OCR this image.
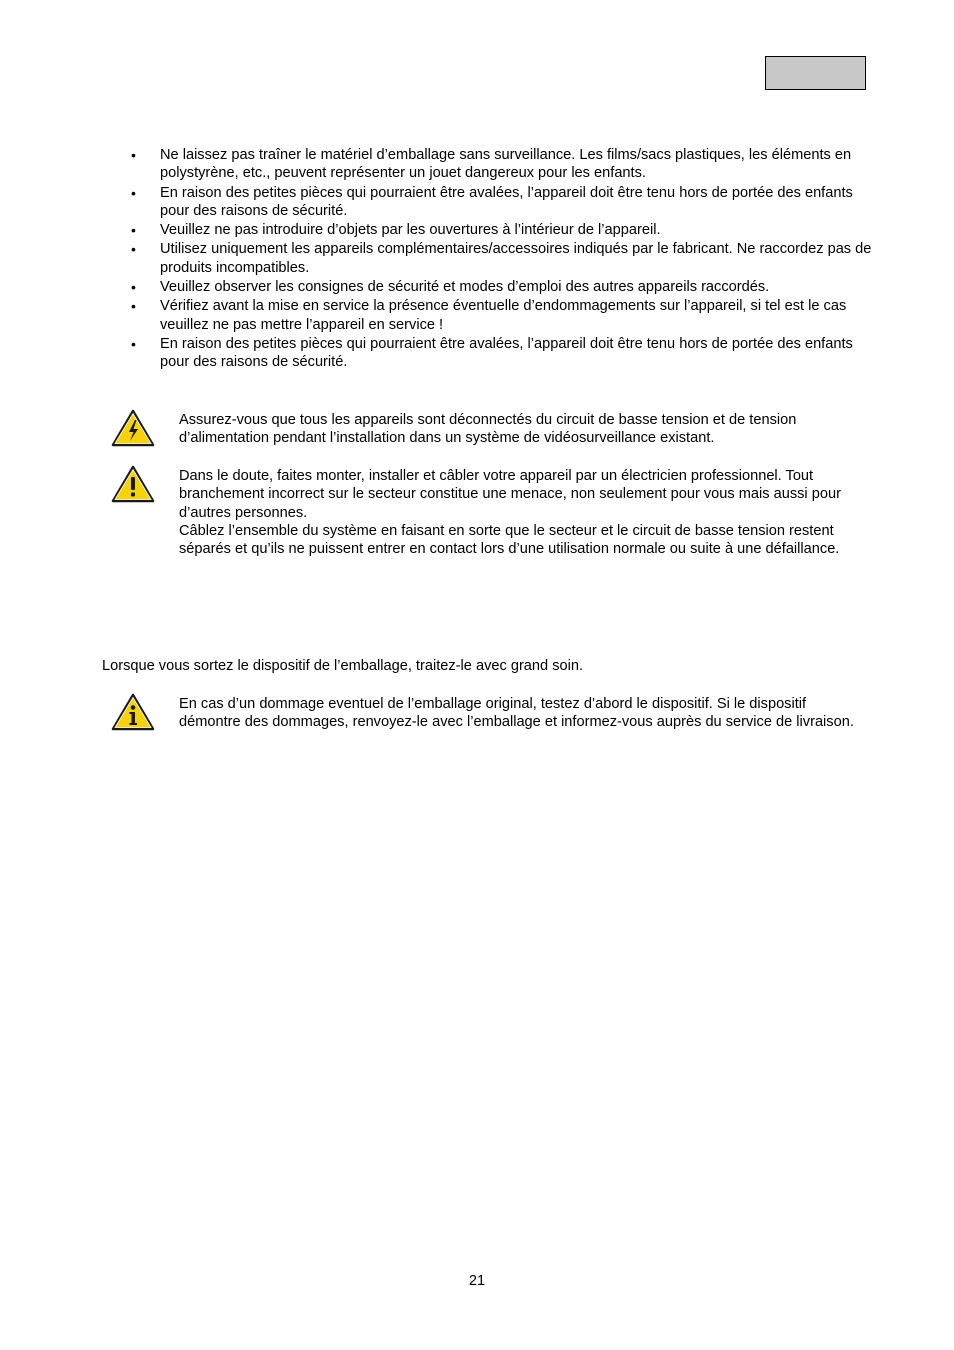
• Ne laissez pas traîner le matériel d’emballage sans surveillance. Les films/sacs plastiques, les éléments en polystyrène, etc., peuvent représenter un jouet dangereux pour les enfants.
• En raison des petites pièces qui pourraient être avalées, l’appareil doit être tenu hors de portée des enfants pour des raisons de sécurité.
• Veuillez ne pas introduire d’objets par les ouvertures à l’intérieur de l’appareil.
• Utilisez uniquement les appareils complémentaires/accessoires indiqués par le fabricant. Ne raccordez pas de produits incompatibles.
• Veuillez observer les consignes de sécurité et modes d’emploi des autres appareils raccordés.
• Vérifiez avant la mise en service la présence éventuelle d’endommagements sur l’appareil, si tel est le cas veuillez ne pas mettre l’appareil en service !
• En raison des petites pièces qui pourraient être avalées, l’appareil doit être tenu hors de portée des enfants pour des raisons de sécurité.

Assurez-vous que tous les appareils sont déconnectés du circuit de basse tension et de tension d’alimentation pendant l’installation dans un système de vidéosurveillance existant.

Dans le doute, faites monter, installer et câbler votre appareil par un électricien professionnel. Tout branchement incorrect sur le secteur constitue une menace, non seulement pour vous mais aussi pour d’autres personnes.

Câblez l’ensemble du système en faisant en sorte que le secteur et le circuit de basse tension restent séparés et qu’ils ne puissent entrer en contact lors d’une utilisation normale ou suite à une défaillance.

Lorsque vous sortez le dispositif de l’emballage, traitez-le avec grand soin.

En cas d’un dommage eventuel de l’emballage original, testez d’abord le dispositif. Si le dispositif démontre des dommages, renvoyez-le avec l’emballage et informez-vous auprès du service de livraison.

21
